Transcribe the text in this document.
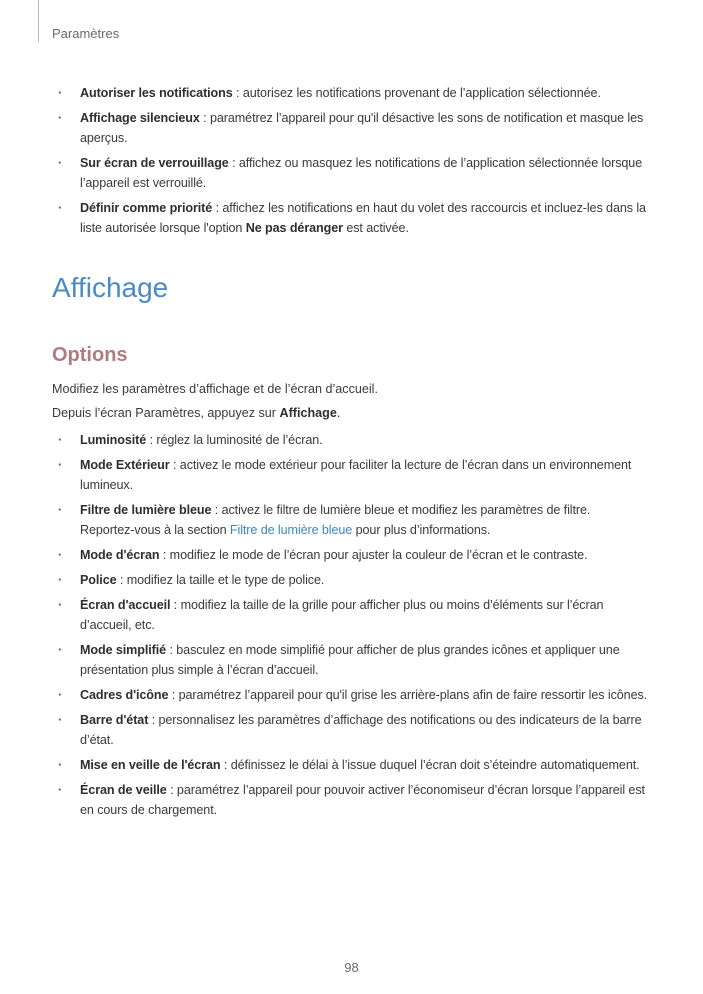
Paramètres
· Autoriser les notifications : autorisez les notifications provenant de l’application sélectionnée.
· Affichage silencieux : paramétrez l’appareil pour qu'il désactive les sons de notification et masque les aperçus.
· Sur écran de verrouillage : affichez ou masquez les notifications de l’application sélectionnée lorsque l’appareil est verrouillé.
· Définir comme priorité : affichez les notifications en haut du volet des raccourcis et incluez-les dans la liste autorisée lorsque l'option Ne pas déranger est activée.
Affichage
Options
Modifiez les paramètres d’affichage et de l’écran d’accueil.
Depuis l’écran Paramètres, appuyez sur Affichage.
· Luminosité : réglez la luminosité de l’écran.
· Mode Extérieur : activez le mode extérieur pour faciliter la lecture de l’écran dans un environnement lumineux.
· Filtre de lumière bleue : activez le filtre de lumière bleue et modifiez les paramètres de filtre. Reportez-vous à la section Filtre de lumière bleue pour plus d’informations.
· Mode d'écran : modifiez le mode de l’écran pour ajuster la couleur de l’écran et le contraste.
· Police : modifiez la taille et le type de police.
· Écran d'accueil : modifiez la taille de la grille pour afficher plus ou moins d’éléments sur l’écran d’accueil, etc.
· Mode simplifié : basculez en mode simplifié pour afficher de plus grandes icônes et appliquer une présentation plus simple à l’écran d’accueil.
· Cadres d'icône : paramétrez l’appareil pour qu'il grise les arrière-plans afin de faire ressortir les icônes.
· Barre d'état : personnalisez les paramètres d’affichage des notifications ou des indicateurs de la barre d’état.
· Mise en veille de l'écran : définissez le délai à l’issue duquel l’écran doit s’éteindre automatiquement.
· Écran de veille : paramétrez l’appareil pour pouvoir activer l’économiseur d’écran lorsque l’appareil est en cours de chargement.
98
